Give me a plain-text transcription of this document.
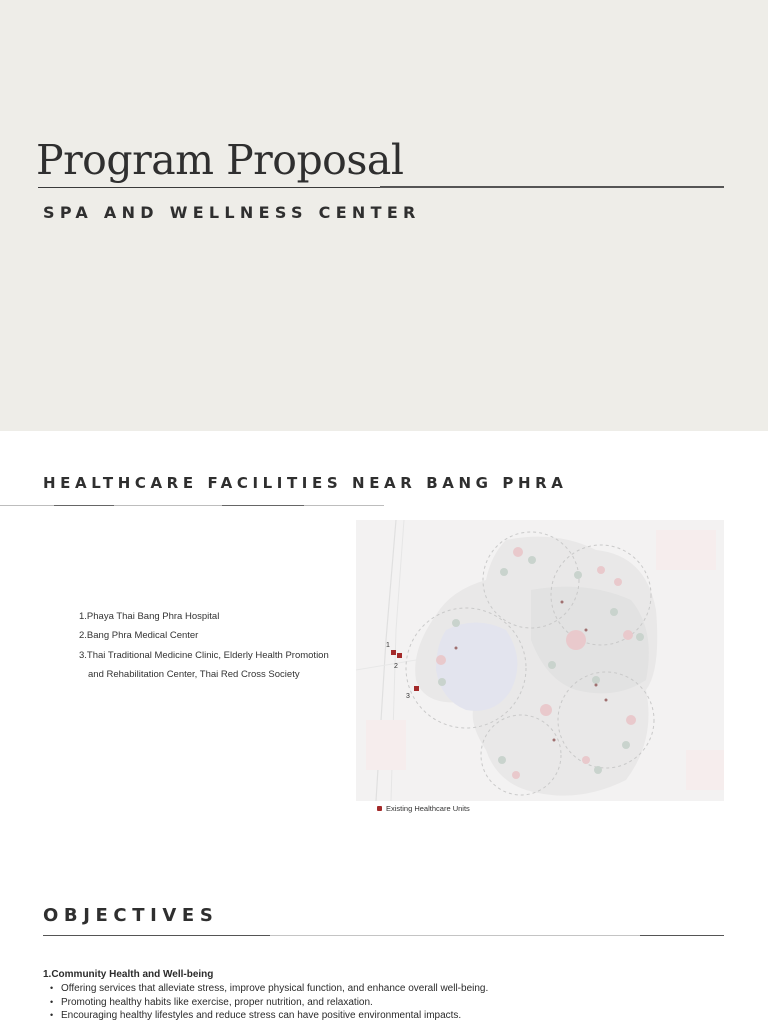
Program Proposal
SPA AND WELLNESS CENTER
HEALTHCARE FACILITIES NEAR BANG PHRA
1.Phaya Thai Bang Phra Hospital
2.Bang Phra Medical Center
3.Thai Traditional Medicine Clinic, Elderly Health Promotion
and Rehabilitation Center, Thai Red Cross Society
1
2
3
Existing Healthcare Units
OBJECTIVES
1.Community Health and Well-being
• Offering services that alleviate stress, improve physical function, and enhance overall well-being.
• Promoting healthy habits like exercise, proper nutrition, and relaxation.
• Encouraging healthy lifestyles and reduce stress can have positive environmental impacts.
